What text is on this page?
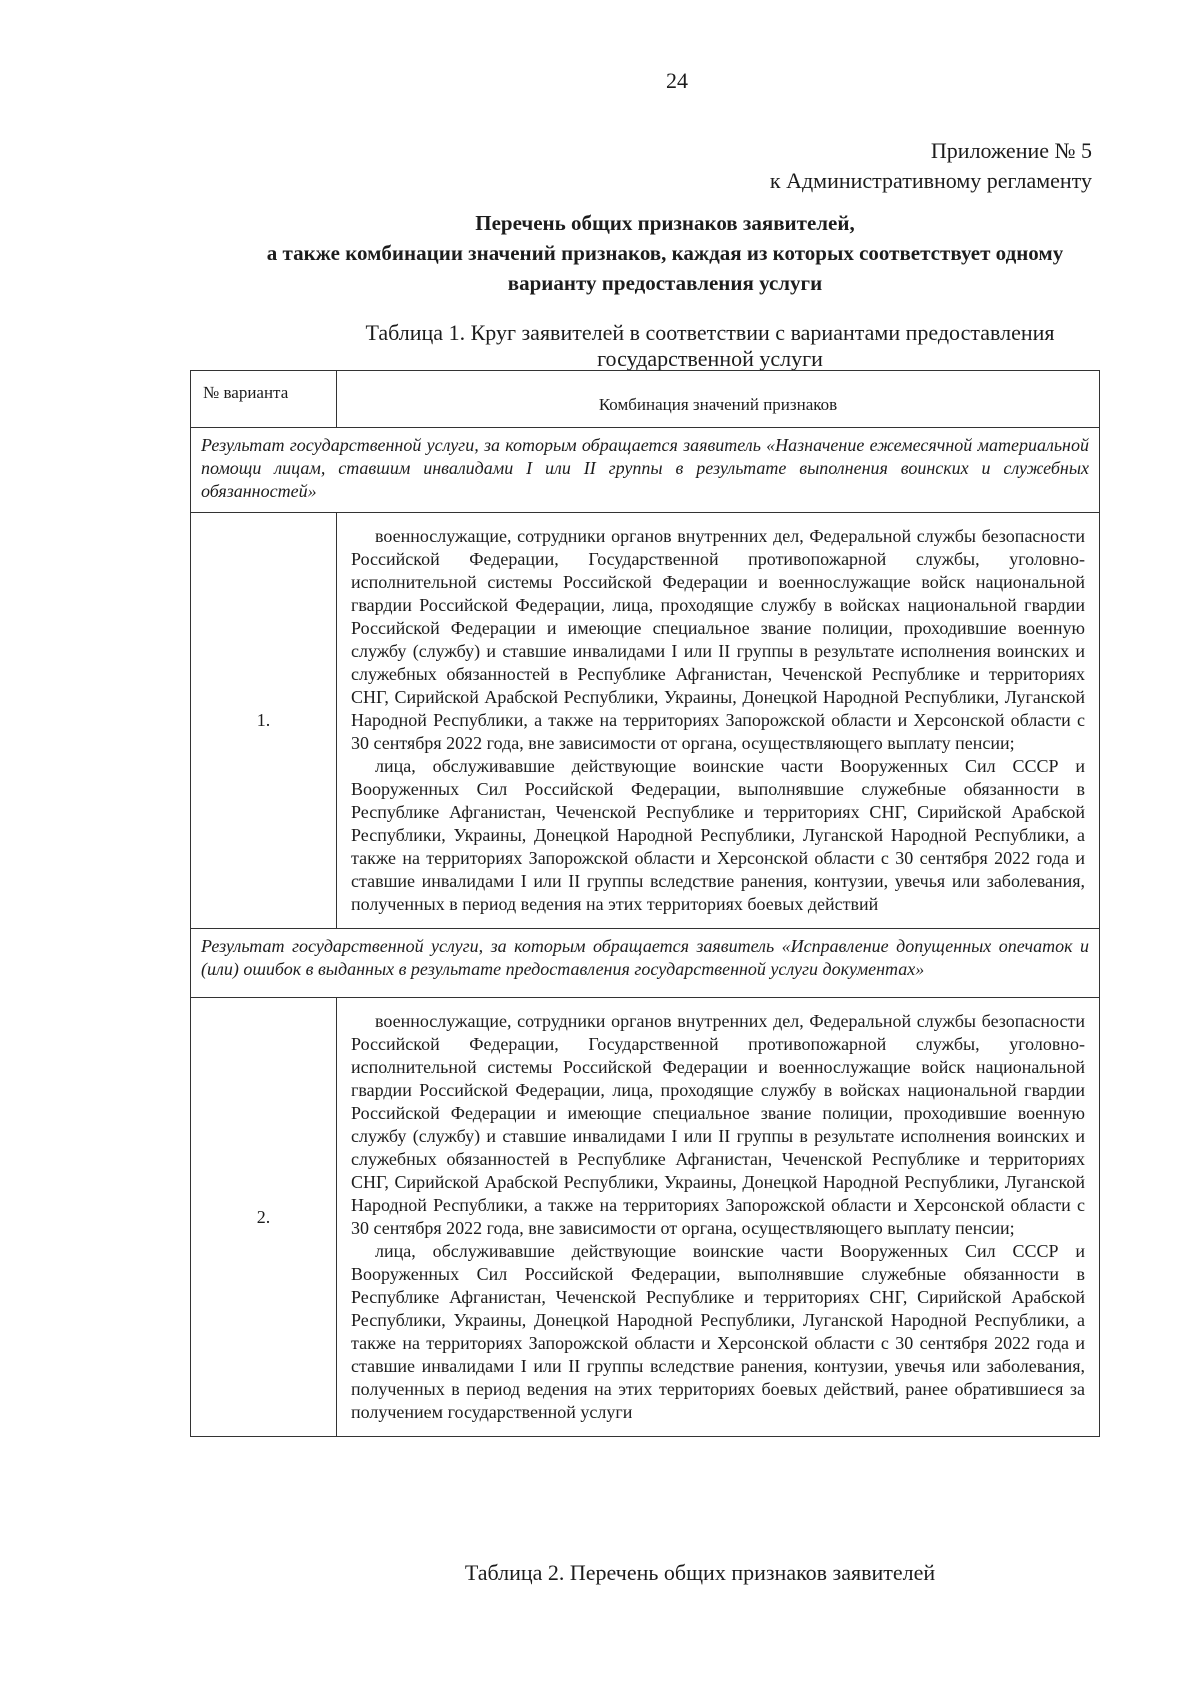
24
Приложение № 5
к Административному регламенту
Перечень общих признаков заявителей,
а также комбинации значений признаков, каждая из которых соответствует одному
варианту предоставления услуги
Таблица 1. Круг заявителей в соответствии с вариантами предоставления государственной услуги
№ варианта	Комбинация значений признаков
Результат государственной услуги, за которым обращается заявитель «Назначение ежемесячной материальной помощи лицам, ставшим инвалидами I или II группы в результате выполнения воинских и служебных обязанностей»	
1.	военнослужащие, сотрудники органов внутренних дел, Федеральной службы безопасности Российской Федерации, Государственной противопожарной службы, уголовно-исполнительной системы Российской Федерации и военнослужащие войск национальной гвардии Российской Федерации, лица, проходящие службу в войсках национальной гвардии Российской Федерации и имеющие специальное звание полиции, проходившие военную службу (службу) и ставшие инвалидами I или II группы в результате исполнения воинских и служебных обязанностей в Республике Афганистан, Чеченской Республике и территориях СНГ, Сирийской Арабской Республики, Украины, Донецкой Народной Республики, Луганской Народной Республики, а также на территориях Запорожской области и Херсонской области с 30 сентября 2022 года, вне зависимости от органа, осуществляющего выплату пенсии;

лица, обслуживавшие действующие воинские части Вооруженных Сил СССР и Вооруженных Сил Российской Федерации, выполнявшие служебные обязанности в Республике Афганистан, Чеченской Республике и территориях СНГ, Сирийской Арабской Республики, Украины, Донецкой Народной Республики, Луганской Народной Республики, а также на территориях Запорожской области и Херсонской области с 30 сентября 2022 года и ставшие инвалидами I или II группы вследствие ранения, контузии, увечья или заболевания, полученных в период ведения на этих территориях боевых действий

Результат государственной услуги, за которым обращается заявитель «Исправление допущенных опечаток и (или) ошибок в выданных в результате предоставления государственной услуги документах»	
2.	военнослужащие, сотрудники органов внутренних дел, Федеральной службы безопасности Российской Федерации, Государственной противопожарной службы, уголовно-исполнительной системы Российской Федерации и военнослужащие войск национальной гвардии Российской Федерации, лица, проходящие службу в войсках национальной гвардии Российской Федерации и имеющие специальное звание полиции, проходившие военную службу (службу) и ставшие инвалидами I или II группы в результате исполнения воинских и служебных обязанностей в Республике Афганистан, Чеченской Республике и территориях СНГ, Сирийской Арабской Республики, Украины, Донецкой Народной Республики, Луганской Народной Республики, а также на территориях Запорожской области и Херсонской области с 30 сентября 2022 года, вне зависимости от органа, осуществляющего выплату пенсии;

лица, обслуживавшие действующие воинские части Вооруженных Сил СССР и Вооруженных Сил Российской Федерации, выполнявшие служебные обязанности в Республике Афганистан, Чеченской Республике и территориях СНГ, Сирийской Арабской Республики, Украины, Донецкой Народной Республики, Луганской Народной Республики, а также на территориях Запорожской области и Херсонской области с 30 сентября 2022 года и ставшие инвалидами I или II группы вследствие ранения, контузии, увечья или заболевания, полученных в период ведения на этих территориях боевых действий, ранее обратившиеся за получением государственной услуги

Таблица 2. Перечень общих признаков заявителей
